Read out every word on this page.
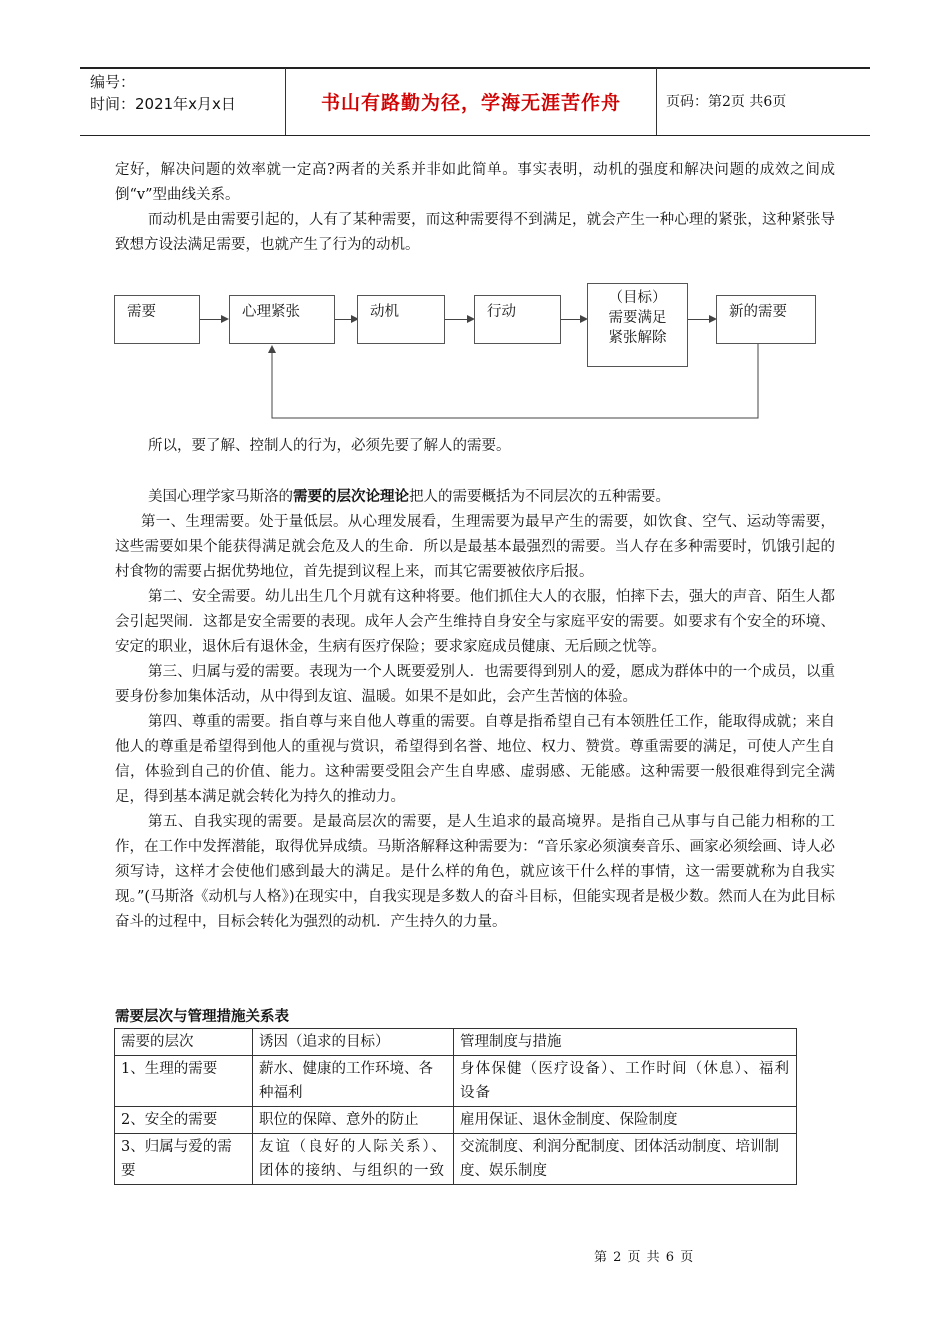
编号：
时间：2021年x月x日	书山有路勤为径，学海无涯苦作舟	页码：第2页 共6页

定好，解决问题的效率就一定高?两者的关系并非如此简单。事实表明，动机的强度和解决问题的成效之间成倒“v”型曲线关系。

而动机是由需要引起的，人有了某种需要，而这种需要得不到满足，就会产生一种心理的紧张，这种紧张导致想方设法满足需要，也就产生了行为的动机。

需要	心理紧张	动机	行动
（目标）
需要满足
紧张解除
新的需要

所以，要了解、控制人的行为，必须先要了解人的需要。

美国心理学家马斯洛的需要的层次论理论把人的需要概括为不同层次的五种需要。

第一、生理需要。处于量低层。从心理发展看，生理需要为最早产生的需要，如饮食、空气、运动等需要，这些需要如果个能获得满足就会危及人的生命．所以是最基本最强烈的需要。当人存在多种需要时，饥饿引起的村食物的需要占据优势地位，首先提到议程上来，而其它需要被依序后报。

第二、安全需要。幼儿出生几个月就有这种将要。他们抓住大人的衣服，怕摔下去，强大的声音、陌生人都会引起哭闹．这都是安全需要的表现。成年人会产生维持自身安全与家庭平安的需要。如要求有个安全的环境、安定的职业，退休后有退休金，生病有医疗保险；要求家庭成员健康、无后顾之忧等。

第三、归属与爱的需要。表现为一个人既要爱别人．也需要得到别人的爱，愿成为群体中的一个成员，以重要身份参加集体活动，从中得到友谊、温暖。如果不是如此，会产生苦恼的体验。

第四、尊重的需要。指自尊与来自他人尊重的需要。自尊是指希望自己有本领胜任工作，能取得成就；来自他人的尊重是希望得到他人的重视与赏识，希望得到名誉、地位、权力、赞赏。尊重需要的满足，可使人产生自信，体验到自己的价值、能力。这种需要受阻会产生自卑感、虚弱感、无能感。这种需要一般很难得到完全满足，得到基本满足就会转化为持久的推动力。

第五、自我实现的需要。是最高层次的需要，是人生追求的最高境界。是指自己从事与自己能力相称的工作，在工作中发挥潜能，取得优异成绩。马斯洛解释这种需要为：“音乐家必须演奏音乐、画家必须绘画、诗人必须写诗，这样才会使他们感到最大的满足。是什么样的角色，就应该干什么样的事情，这一需要就称为自我实现。”(马斯洛《动机与人格》)在现实中，自我实现是多数人的奋斗目标，但能实现者是极少数。然而人在为此目标奋斗的过程中，目标会转化为强烈的动机．产生持久的力量。

需要层次与管理措施关系表
需要的层次	诱因（追求的目标）	管理制度与措施
1、生理的需要	薪水、健康的工作环境、各种福利	身体保健（医疗设备）、工作时间（休息）、福利设备
2、安全的需要	职位的保障、意外的防止	雇用保证、退休金制度、保险制度
3、归属与爱的需要	友谊（良好的人际关系）、团体的接纳、与组织的一致	交流制度、利润分配制度、团体活动制度、培训制度、娱乐制度
第 2 页 共 6 页
